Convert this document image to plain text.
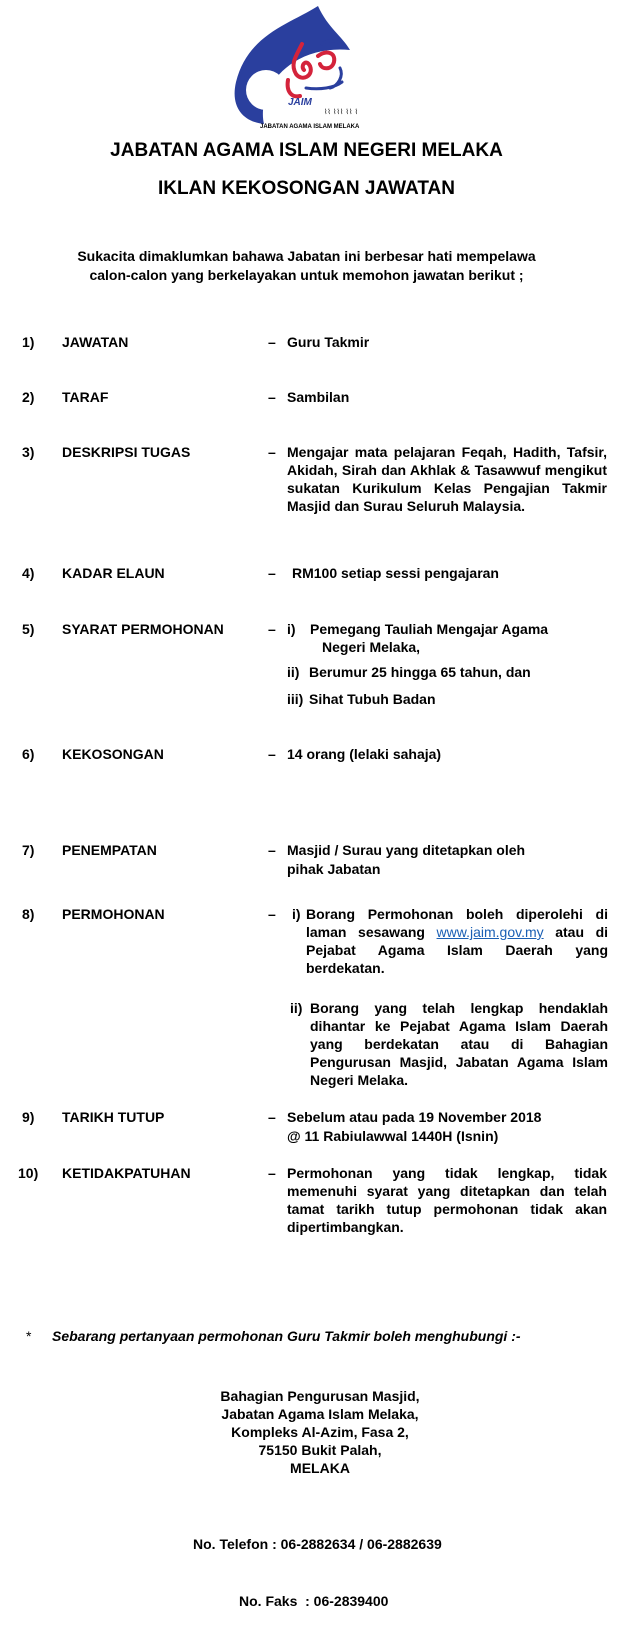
JAIM
⌇⌇ ⌇⌇⌇ ⌇⌇ ⌇
JABATAN AGAMA ISLAM MELAKA
JABATAN AGAMA ISLAM NEGERI MELAKA
IKLAN KEKOSONGAN JAWATAN
Sukacita dimaklumkan bahawa Jabatan ini berbesar hati mempelawa
calon-calon yang berkelayakan untuk memohon jawatan berikut ;
1) JAWATAN	– Guru Takmir
2) TARAF	– Sambilan
3) DESKRIPSI TUGAS	– Mengajar mata pelajaran Feqah, Hadith, Tafsir, Akidah, Sirah dan Akhlak & Tasawwuf mengikut sukatan Kurikulum Kelas Pengajian Takmir Masjid dan Surau Seluruh Malaysia.
4) KADAR ELAUN	– RM100 setiap sessi pengajaran
5) SYARAT PERMOHONAN	– i) Pemegang Tauliah Mengajar Agama
Negeri Melaka,
ii) Berumur 25 hingga 65 tahun, dan
iii) Sihat Tubuh Badan
6) KEKOSONGAN	– 14 orang (lelaki sahaja)
7) PENEMPATAN	– Masjid / Surau yang ditetapkan oleh
pihak Jabatan
8) PERMOHONAN	– i) Borang Permohonan boleh diperolehi di laman sesawang www.jaim.gov.my atau di Pejabat Agama Islam Daerah yang berdekatan.
ii) Borang yang telah lengkap hendaklah dihantar ke Pejabat Agama Islam Daerah yang berdekatan atau di Bahagian Pengurusan Masjid, Jabatan Agama Islam Negeri Melaka.
9) TARIKH TUTUP	– Sebelum atau pada 19 November 2018
@ 11 Rabiulawwal 1440H (Isnin)
10) KETIDAKPATUHAN	– Permohonan yang tidak lengkap, tidak memenuhi syarat yang ditetapkan dan telah tamat tarikh tutup permohonan tidak akan dipertimbangkan.
* Sebarang pertanyaan permohonan Guru Takmir boleh menghubungi :-
Bahagian Pengurusan Masjid,
Jabatan Agama Islam Melaka,
Kompleks Al-Azim, Fasa 2,
75150 Bukit Palah,
MELAKA

No. Telefon : 06-2882634 / 06-2882639

No. Faks  : 06-2839400
